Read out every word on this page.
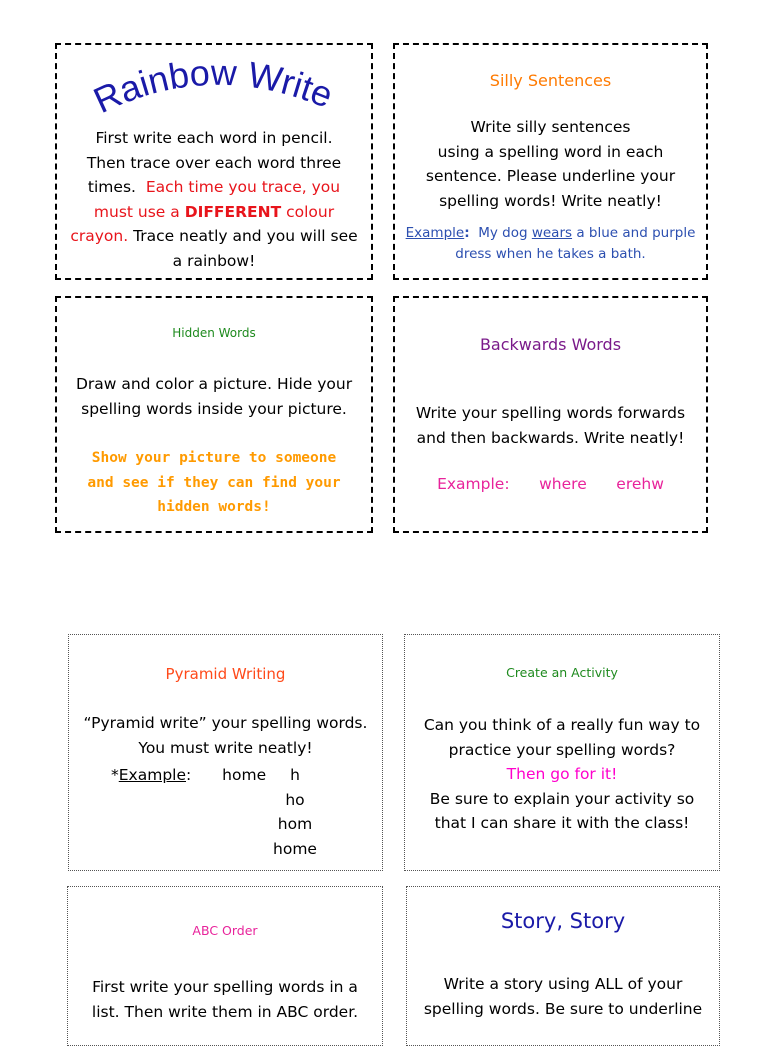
Rainbow Write
First write each word in pencil.
Then trace over each word three
times. Each time you trace, you
must use a DIFFERENT colour
crayon. Trace neatly and you will see
a rainbow!
Silly Sentences
Write silly sentences
using a spelling word in each
sentence. Please underline your
spelling words! Write neatly!
Example: My dog wears a blue and purple
dress when he takes a bath.
Hidden Words
Draw and color a picture. Hide your
spelling words inside your picture.
Show your picture to someone
and see if they can find your
hidden words!
Backwards Words
Write your spelling words forwards
and then backwards. Write neatly!
Example: where erehw
Pyramid Writing
“Pyramid write” your spelling words.
You must write neatly!
*Example: home	h
ho
hom
home
Create an Activity
Can you think of a really fun way to
practice your spelling words?
Then go for it!
Be sure to explain your activity so
that I can share it with the class!
ABC Order
First write your spelling words in a
list. Then write them in ABC order.
Story, Story
Write a story using ALL of your
spelling words. Be sure to underline
